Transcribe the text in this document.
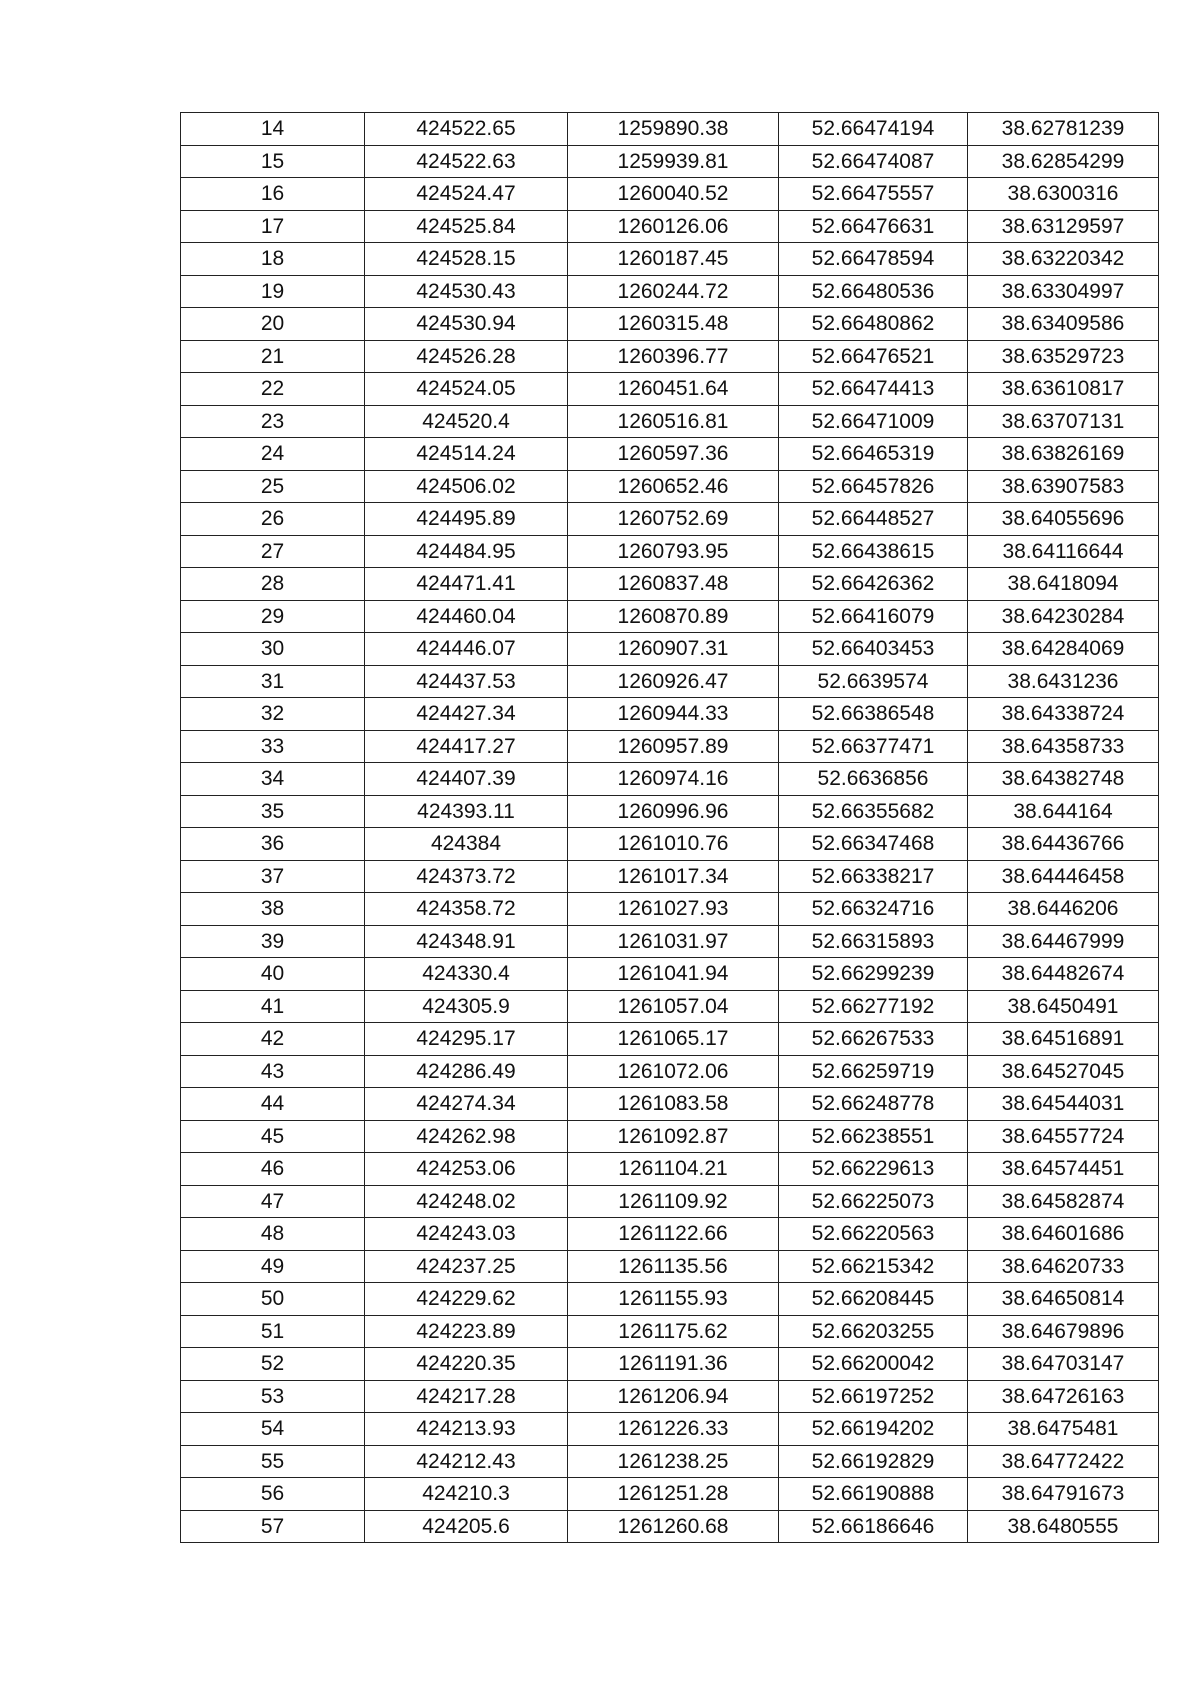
14	424522.65	1259890.38	52.66474194	38.62781239
15	424522.63	1259939.81	52.66474087	38.62854299
16	424524.47	1260040.52	52.66475557	38.6300316
17	424525.84	1260126.06	52.66476631	38.63129597
18	424528.15	1260187.45	52.66478594	38.63220342
19	424530.43	1260244.72	52.66480536	38.63304997
20	424530.94	1260315.48	52.66480862	38.63409586
21	424526.28	1260396.77	52.66476521	38.63529723
22	424524.05	1260451.64	52.66474413	38.63610817
23	424520.4	1260516.81	52.66471009	38.63707131
24	424514.24	1260597.36	52.66465319	38.63826169
25	424506.02	1260652.46	52.66457826	38.63907583
26	424495.89	1260752.69	52.66448527	38.64055696
27	424484.95	1260793.95	52.66438615	38.64116644
28	424471.41	1260837.48	52.66426362	38.6418094
29	424460.04	1260870.89	52.66416079	38.64230284
30	424446.07	1260907.31	52.66403453	38.64284069
31	424437.53	1260926.47	52.6639574	38.6431236
32	424427.34	1260944.33	52.66386548	38.64338724
33	424417.27	1260957.89	52.66377471	38.64358733
34	424407.39	1260974.16	52.6636856	38.64382748
35	424393.11	1260996.96	52.66355682	38.644164
36	424384	1261010.76	52.66347468	38.64436766
37	424373.72	1261017.34	52.66338217	38.64446458
38	424358.72	1261027.93	52.66324716	38.6446206
39	424348.91	1261031.97	52.66315893	38.64467999
40	424330.4	1261041.94	52.66299239	38.64482674
41	424305.9	1261057.04	52.66277192	38.6450491
42	424295.17	1261065.17	52.66267533	38.64516891
43	424286.49	1261072.06	52.66259719	38.64527045
44	424274.34	1261083.58	52.66248778	38.64544031
45	424262.98	1261092.87	52.66238551	38.64557724
46	424253.06	1261104.21	52.66229613	38.64574451
47	424248.02	1261109.92	52.66225073	38.64582874
48	424243.03	1261122.66	52.66220563	38.64601686
49	424237.25	1261135.56	52.66215342	38.64620733
50	424229.62	1261155.93	52.66208445	38.64650814
51	424223.89	1261175.62	52.66203255	38.64679896
52	424220.35	1261191.36	52.66200042	38.64703147
53	424217.28	1261206.94	52.66197252	38.64726163
54	424213.93	1261226.33	52.66194202	38.6475481
55	424212.43	1261238.25	52.66192829	38.64772422
56	424210.3	1261251.28	52.66190888	38.64791673
57	424205.6	1261260.68	52.66186646	38.6480555
